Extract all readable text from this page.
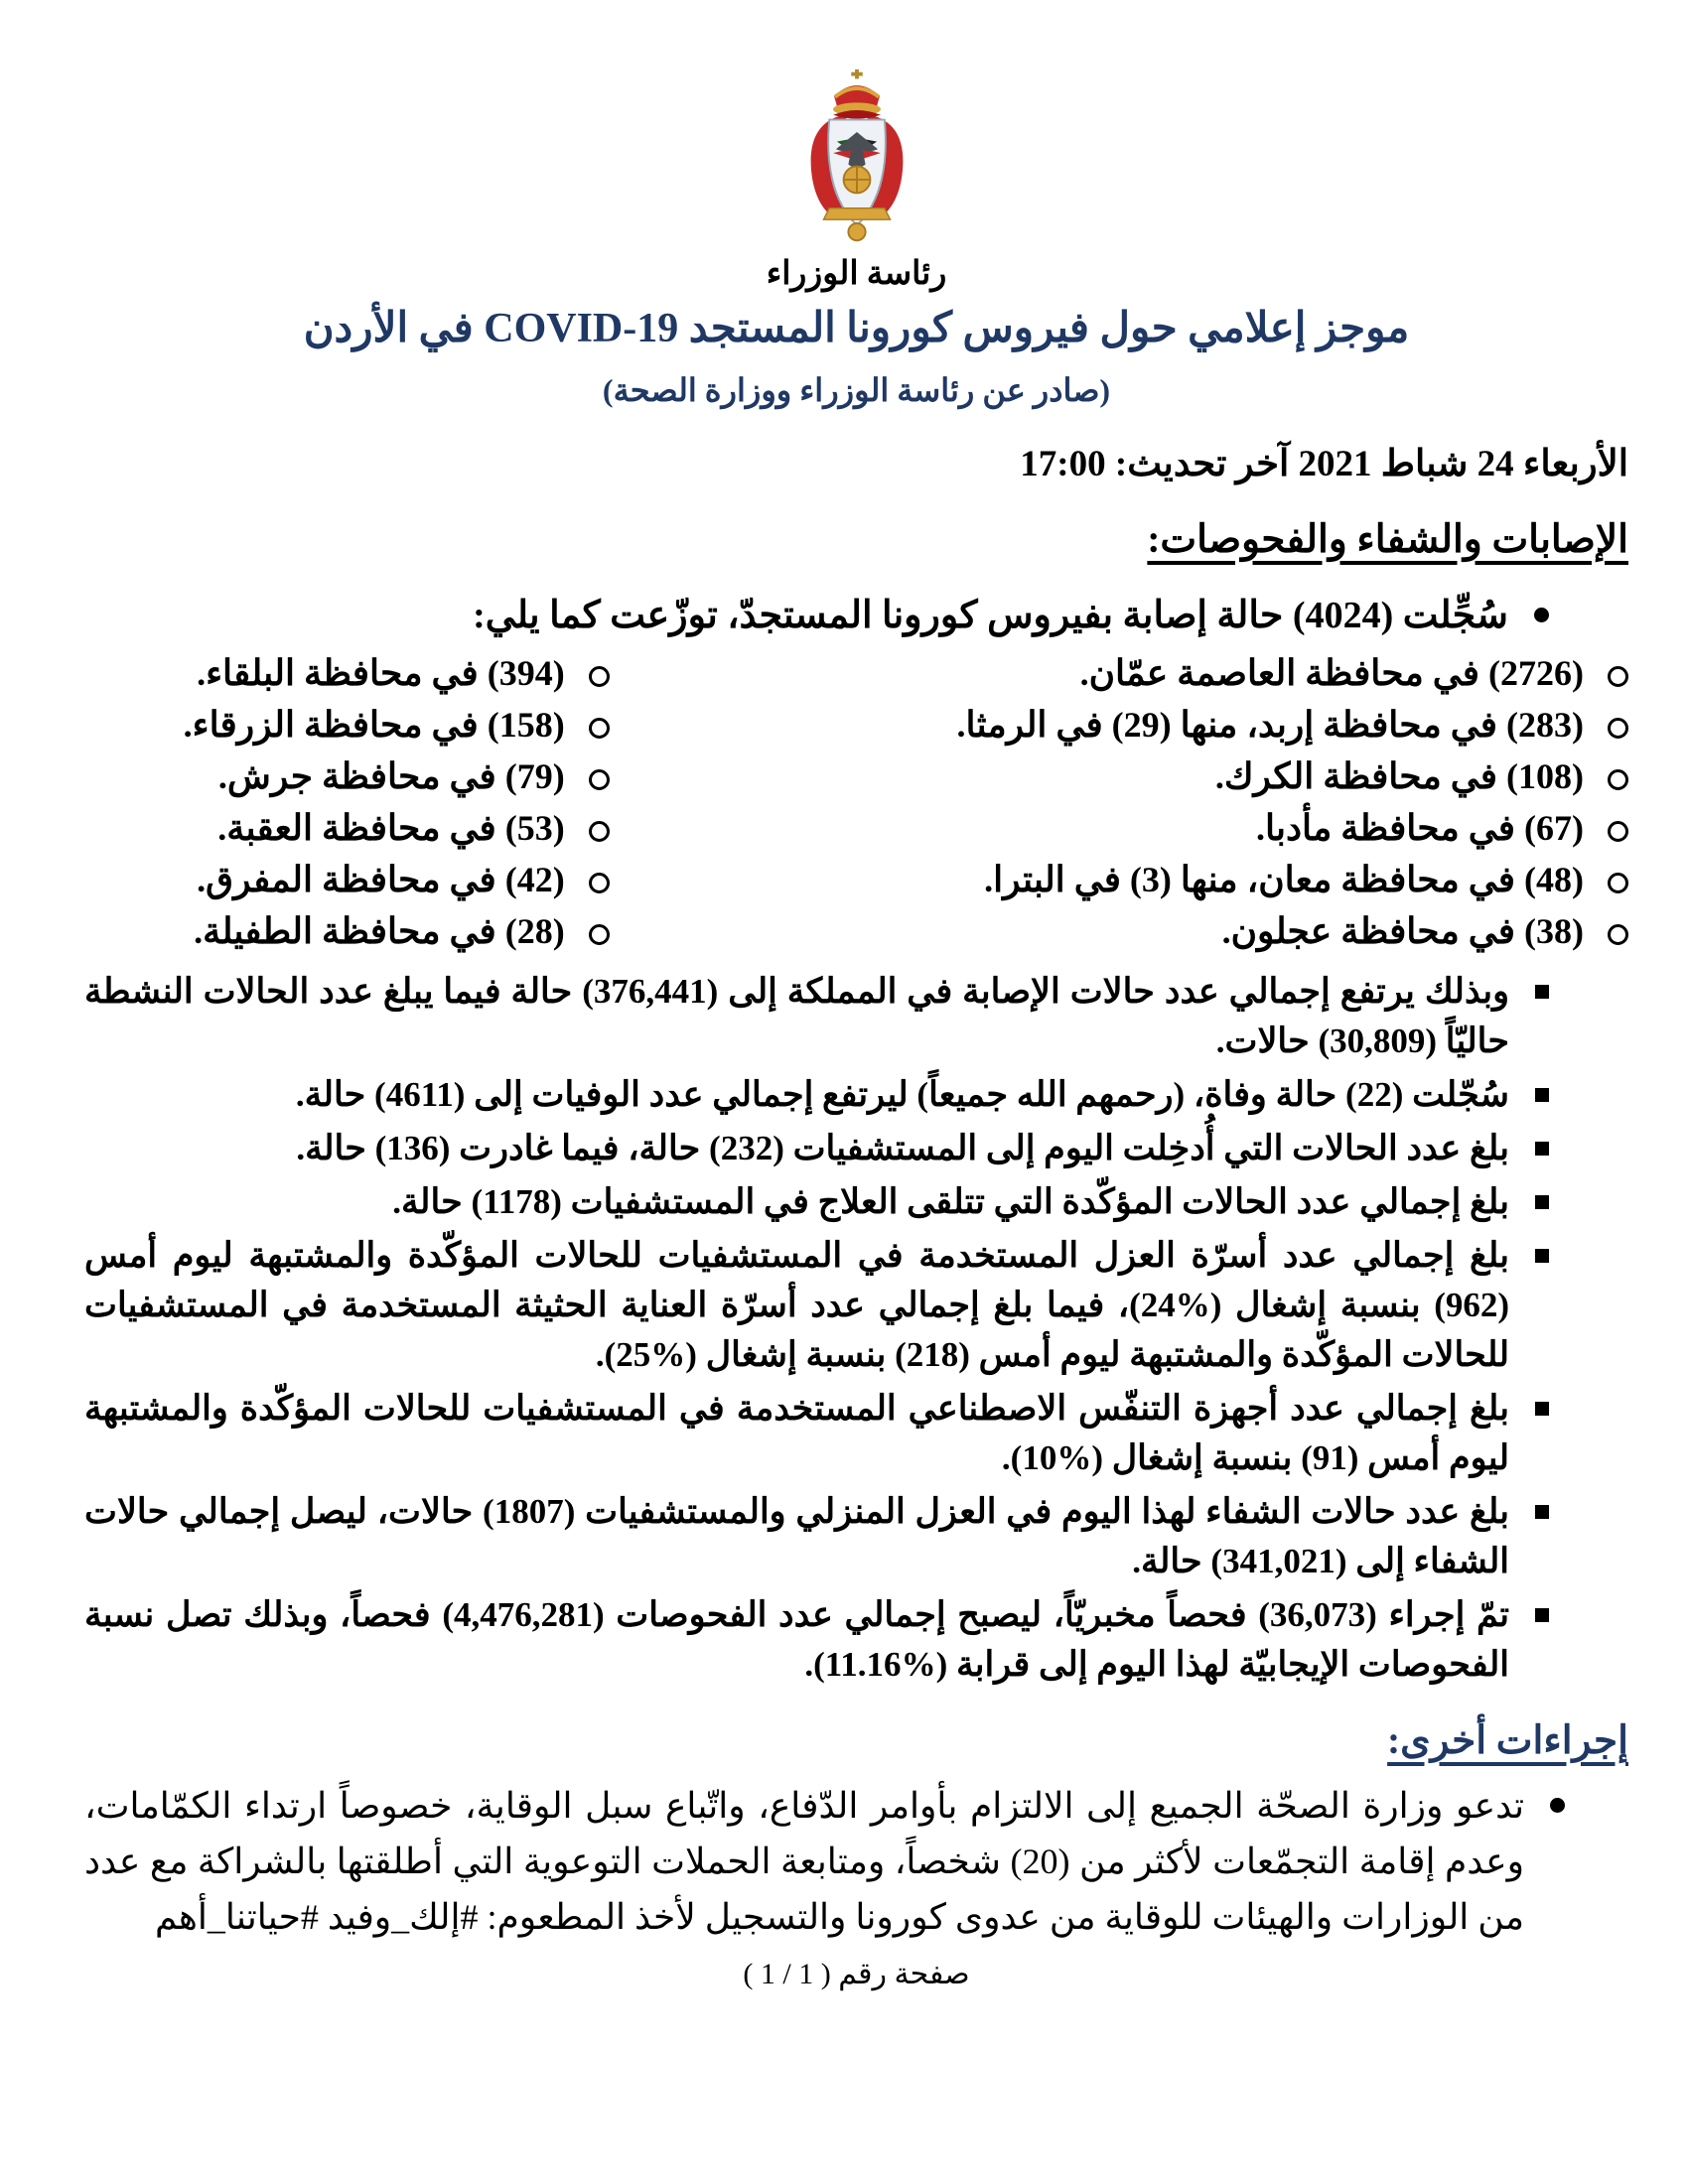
رئاسة الوزراء
موجز إعلامي حول فيروس كورونا المستجد COVID-19 في الأردن
(صادر عن رئاسة الوزراء ووزارة الصحة)
الأربعاء 24 شباط 2021 آخر تحديث: 17:00
الإصابات والشفاء والفحوصات:
سُجِّلت (4024) حالة إصابة بفيروس كورونا المستجدّ، توزّعت كما يلي:
(2726) في محافظة العاصمة عمّان.
(394) في محافظة البلقاء.
(283) في محافظة إربد، منها (29) في الرمثا.
(158) في محافظة الزرقاء.
(108) في محافظة الكرك.
(79) في محافظة جرش.
(67) في محافظة مأدبا.
(53) في محافظة العقبة.
(48) في محافظة معان، منها (3) في البترا.
(42) في محافظة المفرق.
(38) في محافظة عجلون.
(28) في محافظة الطفيلة.
وبذلك يرتفع إجمالي عدد حالات الإصابة في المملكة إلى (376,441) حالة فيما يبلغ عدد الحالات النشطة حاليّاً (30,809) حالات.
سُجّلت (22) حالة وفاة، (رحمهم الله جميعاً) ليرتفع إجمالي عدد الوفيات إلى (4611) حالة.
بلغ عدد الحالات التي أُدخِلت اليوم إلى المستشفيات (232) حالة، فيما غادرت (136) حالة.
بلغ إجمالي عدد الحالات المؤكّدة التي تتلقى العلاج في المستشفيات (1178) حالة.
بلغ إجمالي عدد أسرّة العزل المستخدمة في المستشفيات للحالات المؤكّدة والمشتبهة ليوم أمس (962) بنسبة إشغال (%24)، فيما بلغ إجمالي عدد أسرّة العناية الحثيثة المستخدمة في المستشفيات للحالات المؤكّدة والمشتبهة ليوم أمس (218) بنسبة إشغال (%25).
بلغ إجمالي عدد أجهزة التنفّس الاصطناعي المستخدمة في المستشفيات للحالات المؤكّدة والمشتبهة ليوم أمس (91) بنسبة إشغال (%10).
بلغ عدد حالات الشفاء لهذا اليوم في العزل المنزلي والمستشفيات (1807) حالات، ليصل إجمالي حالات الشفاء إلى (341,021) حالة.
تمّ إجراء (36,073) فحصاً مخبريّاً، ليصبح إجمالي عدد الفحوصات (4,476,281) فحصاً، وبذلك تصل نسبة الفحوصات الإيجابيّة لهذا اليوم إلى قرابة (%11.16).
إجراءات أخرى:
تدعو وزارة الصحّة الجميع إلى الالتزام بأوامر الدّفاع، واتّباع سبل الوقاية، خصوصاً ارتداء الكمّامات، وعدم إقامة التجمّعات لأكثر من (20) شخصاً، ومتابعة الحملات التوعوية التي أطلقتها بالشراكة مع عدد من الوزارات والهيئات للوقاية من عدوى كورونا والتسجيل لأخذ المطعوم: #إلك_وفيد #حياتنا_أهم
صفحة رقم ( 1 / 1 )
